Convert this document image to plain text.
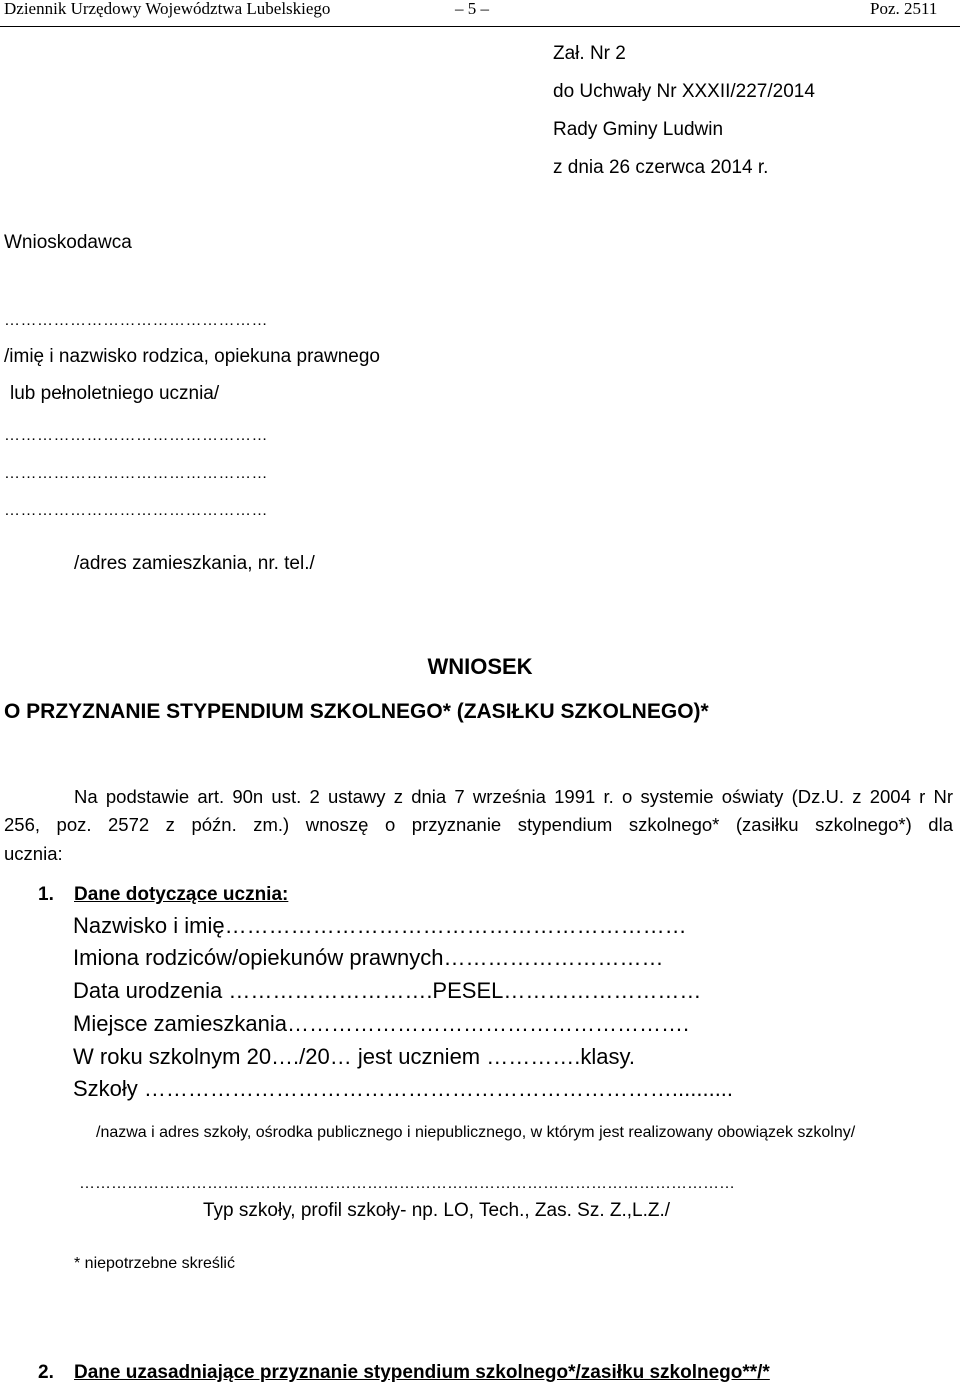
Dziennik Urzędowy Województwa Lubelskiego	– 5 –	Poz. 2511
Zał. Nr 2
do Uchwały Nr XXXII/227/2014
Rady Gminy Ludwin
z dnia 26 czerwca 2014 r.
Wnioskodawca
…………………………………………
/imię i nazwisko rodzica, opiekuna prawnego
lub pełnoletniego ucznia/
…………………………………………
…………………………………………
…………………………………………
/adres zamieszkania, nr. tel./
WNIOSEK
O PRZYZNANIE STYPENDIUM SZKOLNEGO* (ZASIŁKU SZKOLNEGO)*
Na podstawie art. 90n ust. 2 ustawy z dnia 7 września 1991 r. o systemie oświaty (Dz.U. z 2004 r Nr
256, poz. 2572 z późn. zm.) wnoszę o przyznanie stypendium szkolnego* (zasiłku szkolnego*) dla
ucznia:
1. Dane dotyczące ucznia:
Nazwisko i imię………………………………………………………
Imiona rodziców/opiekunów prawnych…………………………
Data urodzenia ……………………….PESEL………………………
Miejsce zamieszkania……………………………………………….
W roku szkolnym 20…./20… jest uczniem ………….klasy.
Szkoły ………………………………………………………………..........
/nazwa i adres szkoły, ośrodka publicznego i niepublicznego, w którym jest realizowany obowiązek szkolny/
……………………………………………………………………………………………………………
Typ szkoły, profil szkoły- np. LO, Tech., Zas. Sz. Z.,L.Z./
* niepotrzebne skreślić
2. Dane uzasadniające przyznanie stypendium szkolnego*/zasiłku szkolnego**/*
